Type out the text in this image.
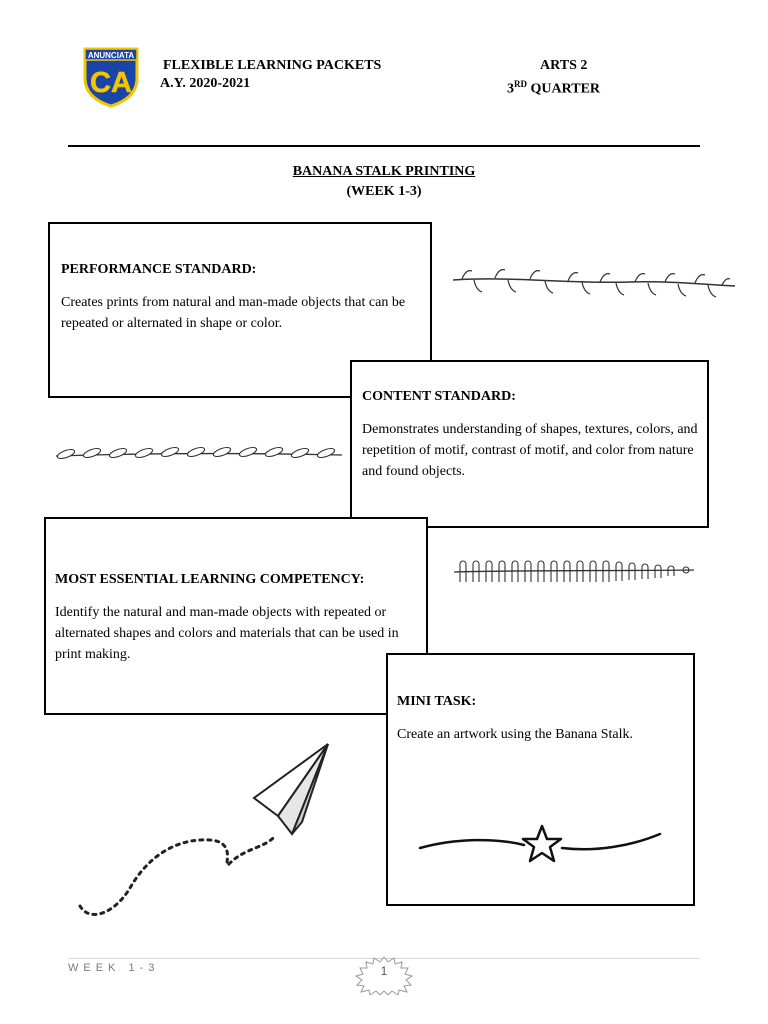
ANUNCIATA
CA
FLEXIBLE LEARNING PACKETS
A.Y. 2020-2021
ARTS 2
3RD QUARTER
BANANA STALK PRINTING
(WEEK 1-3)

PERFORMANCE STANDARD:

Creates prints from natural and man-made objects that can be repeated or alternated in shape or color.

CONTENT STANDARD:

Demonstrates understanding of shapes, textures, colors, and repetition of motif, contrast of motif, and color from nature and found objects.

MOST ESSENTIAL LEARNING COMPETENCY:

Identify the natural and man-made objects with repeated or alternated shapes and colors and materials that can be used in print making.

MINI TASK:

Create an artwork using the Banana Stalk.

WEEK 1-3	1
